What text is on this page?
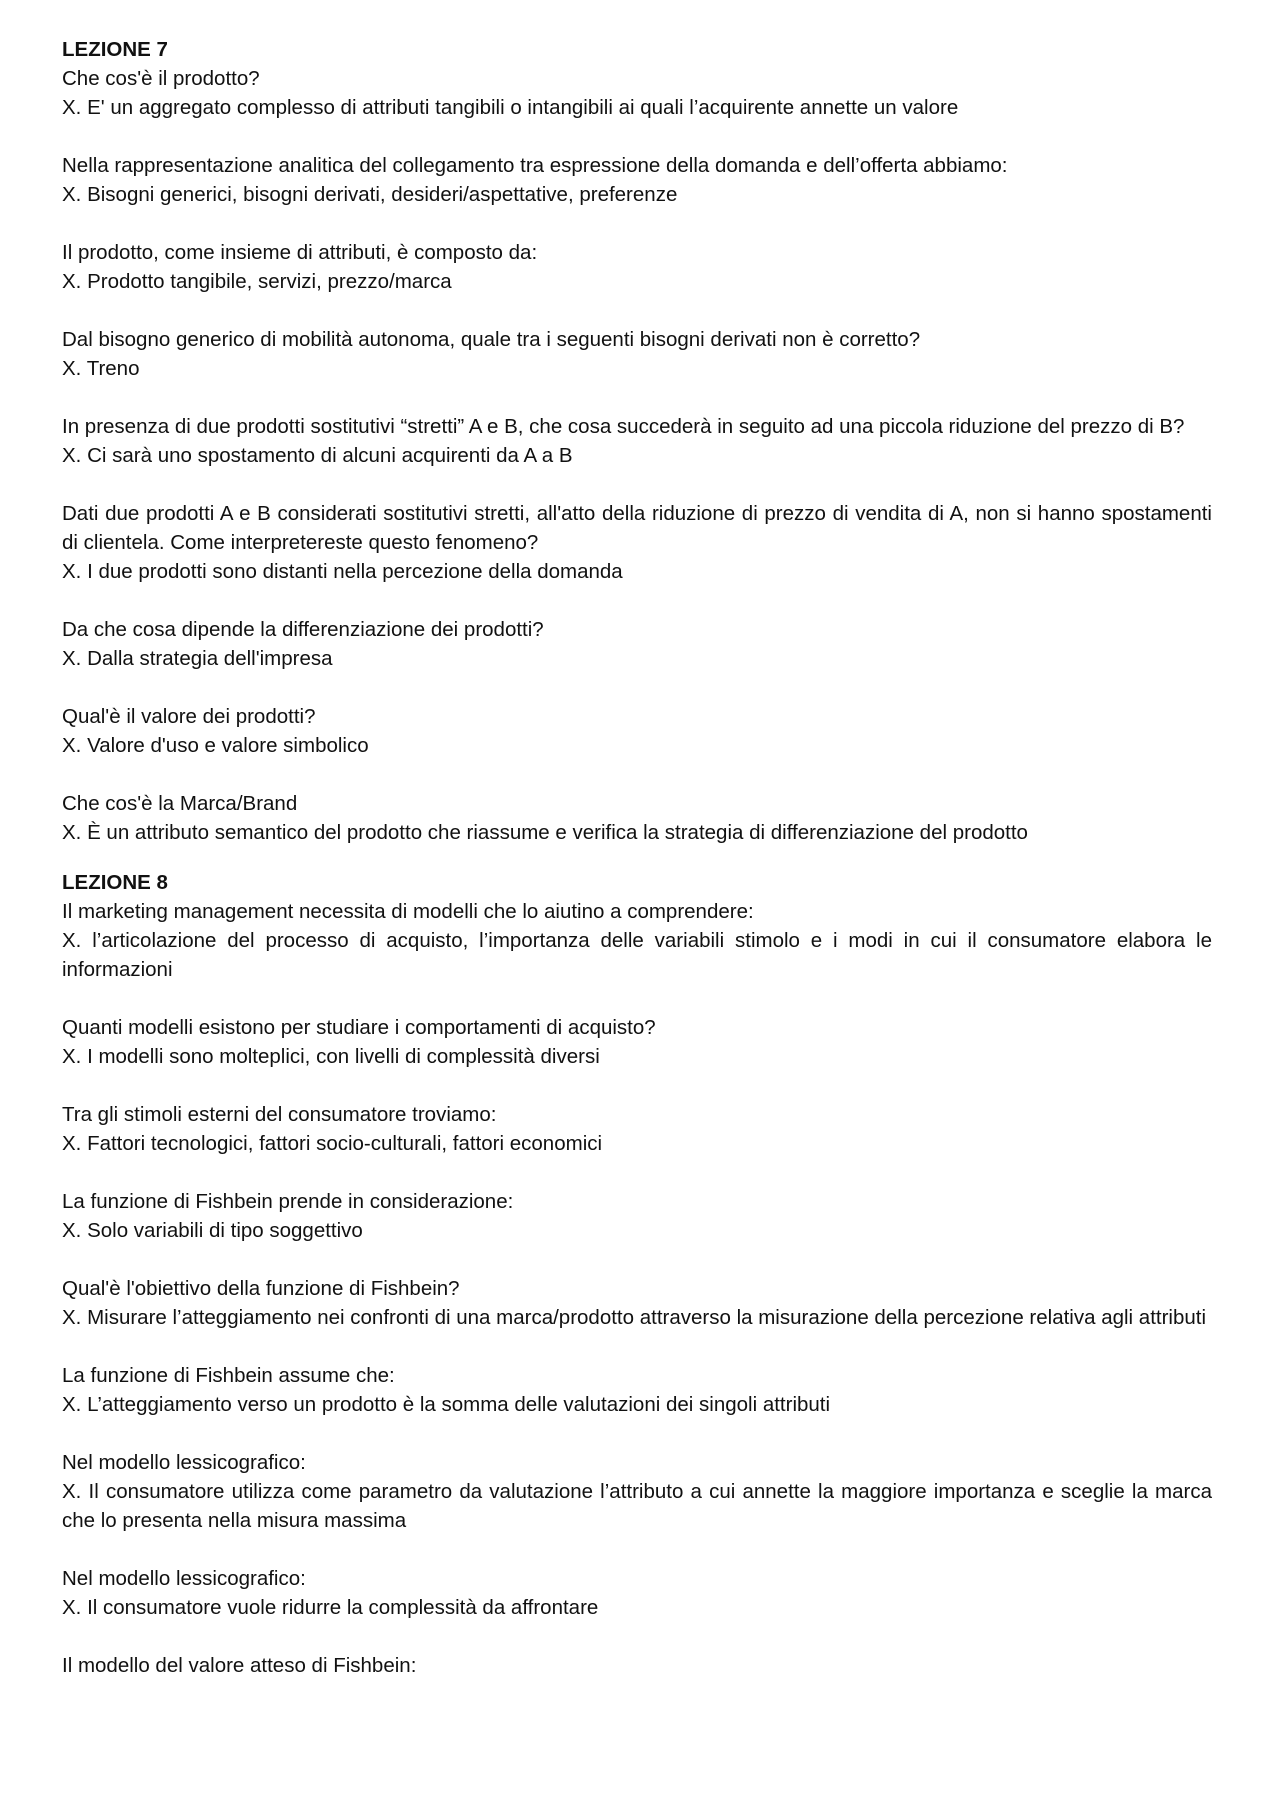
LEZIONE 7

Che cos'è il prodotto?

X. E' un aggregato complesso di attributi tangibili o intangibili ai quali l’acquirente annette un valore

Nella rappresentazione analitica del collegamento tra espressione della domanda e dell’offerta abbiamo:

X. Bisogni generici, bisogni derivati, desideri/aspettative, preferenze

Il prodotto, come insieme di attributi, è composto da:

X. Prodotto tangibile, servizi, prezzo/marca

Dal bisogno generico di mobilità autonoma, quale tra i seguenti bisogni derivati non è corretto?

X. Treno

In presenza di due prodotti sostitutivi “stretti” A e B, che cosa succederà in seguito ad una piccola riduzione del prezzo di B?

X. Ci sarà uno spostamento di alcuni acquirenti da A a B

Dati due prodotti A e B considerati sostitutivi stretti, all'atto della riduzione di prezzo di vendita di A, non si hanno spostamenti di clientela. Come interpretereste questo fenomeno?

X. I due prodotti sono distanti nella percezione della domanda

Da che cosa dipende la differenziazione dei prodotti?

X. Dalla strategia dell'impresa

Qual'è il valore dei prodotti?

X. Valore d'uso e valore simbolico

Che cos'è la Marca/Brand

X. È un attributo semantico del prodotto che riassume e verifica la strategia di differenziazione del prodotto

LEZIONE 8

Il marketing management necessita di modelli che lo aiutino a comprendere:

X. l’articolazione del processo di acquisto, l’importanza delle variabili stimolo e i modi in cui il consumatore elabora le informazioni

Quanti modelli esistono per studiare i comportamenti di acquisto?

X. I modelli sono molteplici, con livelli di complessità diversi

Tra gli stimoli esterni del consumatore troviamo:

X. Fattori tecnologici, fattori socio-culturali, fattori economici

La funzione di Fishbein prende in considerazione:

X. Solo variabili di tipo soggettivo

Qual'è l'obiettivo della funzione di Fishbein?

X. Misurare l’atteggiamento nei confronti di una marca/prodotto attraverso la misurazione della percezione relativa agli attributi

La funzione di Fishbein assume che:

X. L’atteggiamento verso un prodotto è la somma delle valutazioni dei singoli attributi

Nel modello lessicografico:

X. Il consumatore utilizza come parametro da valutazione l’attributo a cui annette la maggiore importanza e sceglie la marca che lo presenta nella misura massima

Nel modello lessicografico:

X. Il consumatore vuole ridurre la complessità da affrontare

Il modello del valore atteso di Fishbein:
